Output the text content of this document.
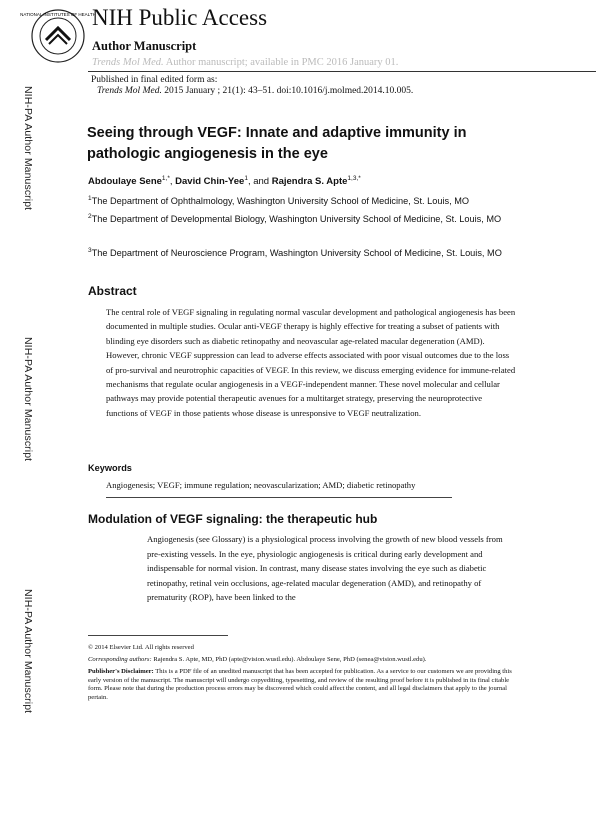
NIH-PA Author Manuscript
NIH-PA Author Manuscript
NIH-PA Author Manuscript
NATIONAL INSTITUTES OF HEALTH
NIH Public Access
Author Manuscript
Trends Mol Med. Author manuscript; available in PMC 2016 January 01.
Published in final edited form as:
Trends Mol Med. 2015 January ; 21(1): 43–51. doi:10.1016/j.molmed.2014.10.005.
Seeing through VEGF: Innate and adaptive immunity in pathologic angiogenesis in the eye
Abdoulaye Sene$^{1,*}$, David Chin-Yee$^1$, and Rajendra S. Apte$^{1,3,*}$
$^1$The Department of Ophthalmology, Washington University School of Medicine, St. Louis, MO
$^2$The Department of Developmental Biology, Washington University School of Medicine, St. Louis, MO
$^3$The Department of Neuroscience Program, Washington University School of Medicine, St. Louis, MO
Abstract
The central role of VEGF signaling in regulating normal vascular development and pathological angiogenesis has been documented in multiple studies. Ocular anti-VEGF therapy is highly effective for treating a subset of patients with blinding eye disorders such as diabetic retinopathy and neovascular age-related macular degeneration (AMD). However, chronic VEGF suppression can lead to adverse effects associated with poor visual outcomes due to the loss of pro-survival and neurotrophic capacities of VEGF. In this review, we discuss emerging evidence for immune-related mechanisms that regulate ocular angiogenesis in a VEGF-independent manner. These novel molecular and cellular pathways may provide potential therapeutic avenues for a multitarget strategy, preserving the neuroprotective functions of VEGF in those patients whose disease is unresponsive to VEGF neutralization.
Keywords
Angiogenesis; VEGF; immune regulation; neovascularization; AMD; diabetic retinopathy
Modulation of VEGF signaling: the therapeutic hub
Angiogenesis (see Glossary) is a physiological process involving the growth of new blood vessels from pre-existing vessels. In the eye, physiologic angiogenesis is critical during early development and indispensable for normal vision. In contrast, many disease states involving the eye such as diabetic retinopathy, retinal vein occlusions, age-related macular degeneration (AMD), and retinopathy of prematurity (ROP), have been linked to the
© 2014 Elsevier Ltd. All rights reserved
Corresponding authors: Rajendra S. Apte, MD, PhD (apte@vision.wustl.edu). Abdoulaye Sene, PhD (senea@vision.wustl.edu).
Publisher's Disclaimer: This is a PDF file of an unedited manuscript that has been accepted for publication. As a service to our customers we are providing this early version of the manuscript. The manuscript will undergo copyediting, typesetting, and review of the resulting proof before it is published in its final citable form. Please note that during the production process errors may be discovered which could affect the content, and all legal disclaimers that apply to the journal pertain.
